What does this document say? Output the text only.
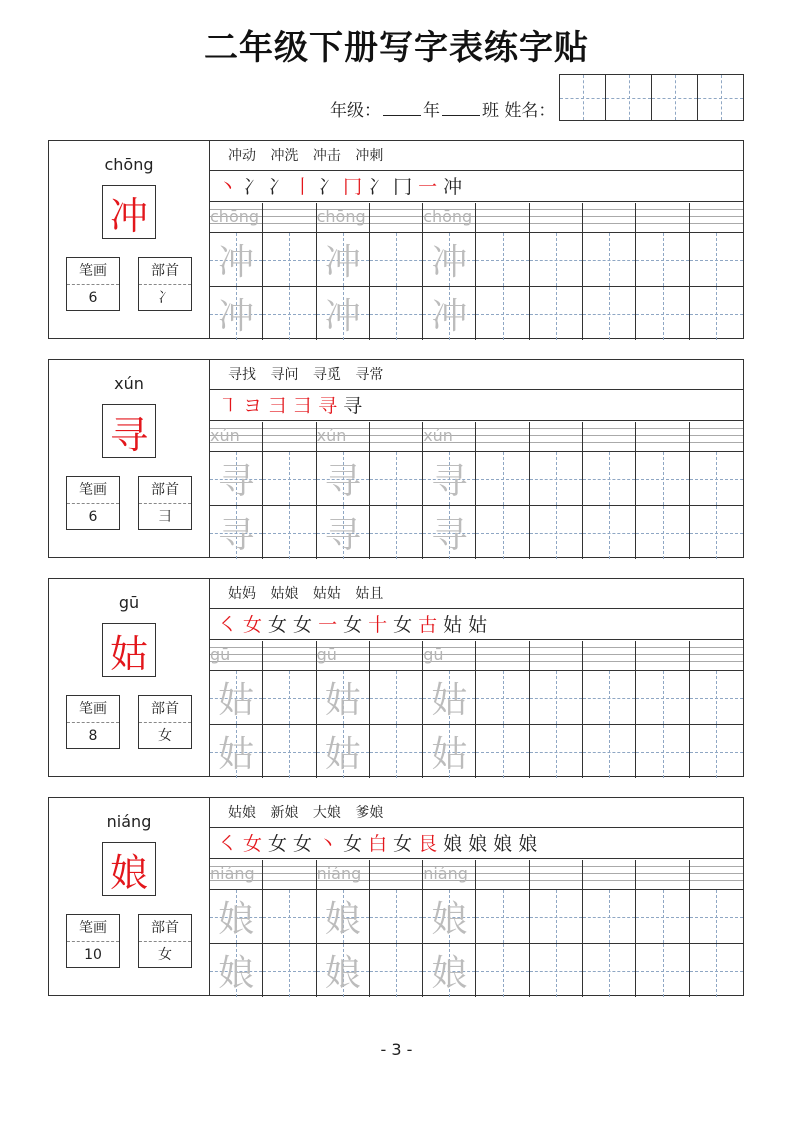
二年级下册写字表练字贴
年级： 年 班 姓名：
chōng
冲
笔画
6
部首
冫
冲动 冲洗 冲击 冲刺
丶冫冫丨冫冂冫冂一冲
chōng	chōng	chōng
冲 冲 冲
冲 冲 冲
xún
寻
笔画
6
部首
彐
寻找 寻问 寻觅 寻常
㇕ヨ彐彐寻寻
xún	xún	xún
寻 寻 寻
寻 寻 寻
gū
姑
笔画
8
部首
女
姑妈 姑娘 姑姑 姑且
㇛女女女一女十女古姑姑
gū	gū	gū
姑 姑 姑
姑 姑 姑
niáng
娘
笔画
10
部首
女
姑娘 新娘 大娘 爹娘
㇛女女女丶女白女艮娘娘娘娘
niáng	niáng	niáng
娘 娘 娘
娘 娘 娘
- 3 -
